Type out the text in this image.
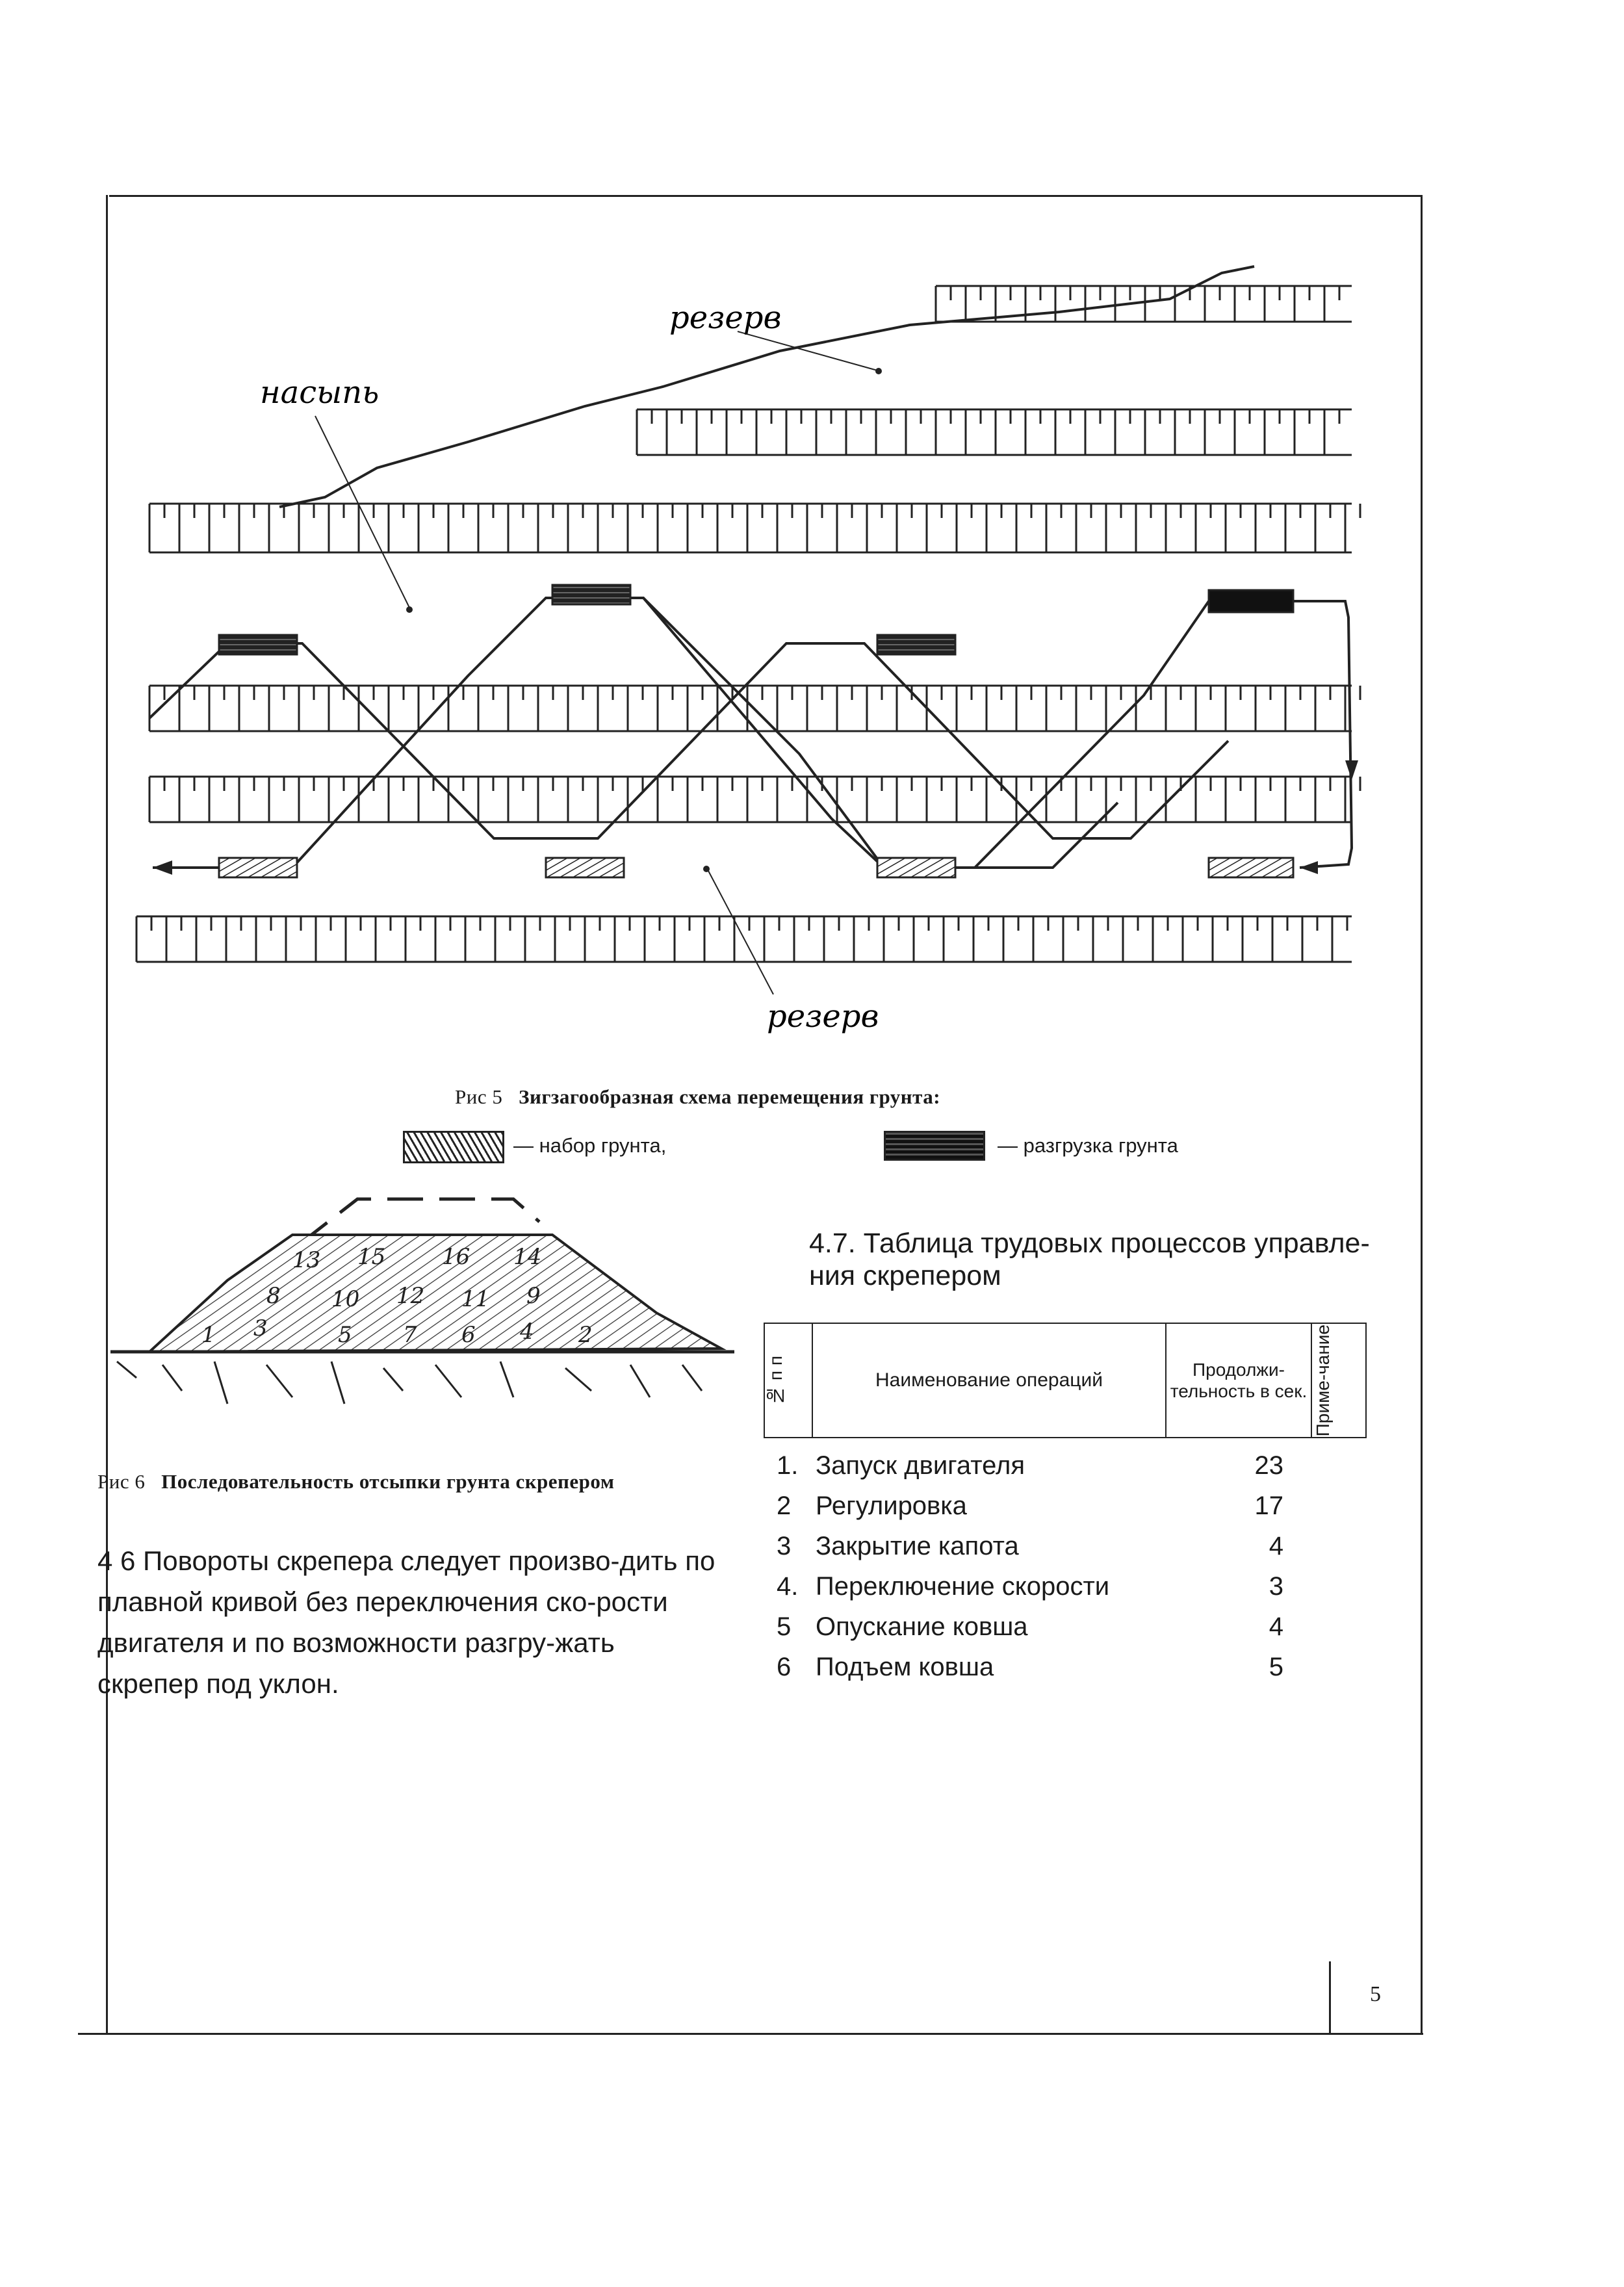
резерв
насыпь
резерв
Рис 5 Зигзагообразная схема перемещения грунта:
— набор грунта,	— разгрузка грунта
13 15	16 14
8 10 12 11 9
1 3	5 7 6 4 2
Рис 6 Последовательность отсыпки грунта скрепером
4 6 Повороты скрепера следует произво-дить по плавной кривой без переключения ско-рости двигателя и по возможности разгру-жать скрепер под уклон.
4.7. Таблица трудовых процессов управле-ния скрепером
№ п п	Наименование операций	Продолжи-тельность в сек.	Приме-чание
1. Запуск двигателя	23
2 Регулировка	17
3 Закрытие капота	4
4. Переключение скорости	3
5 Опускание ковша	4
6 Подъем ковша	5
5
